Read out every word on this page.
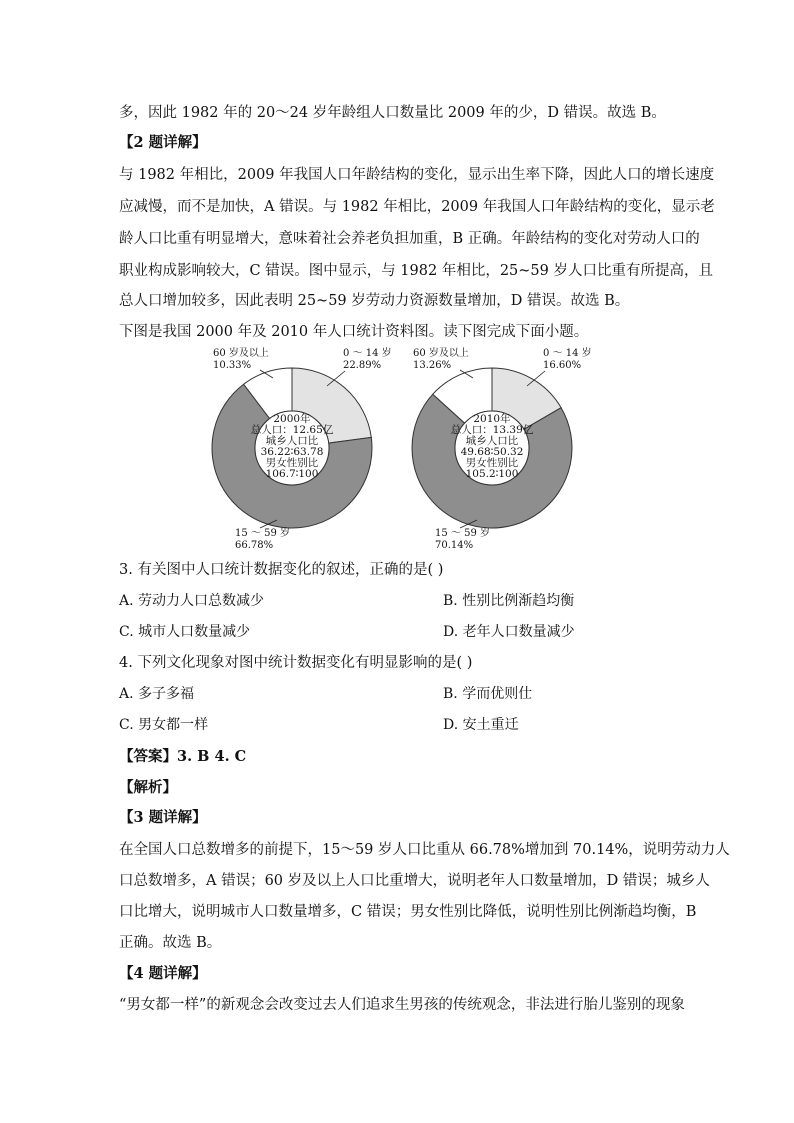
多，因此 1982 年的 20～24 岁年龄组人口数量比 2009 年的少，D 错误。故选 B。
【2 题详解】
与 1982 年相比，2009 年我国人口年龄结构的变化，显示出生率下降，因此人口的增长速度
应减慢，而不是加快，A 错误。与 1982 年相比，2009 年我国人口年龄结构的变化，显示老
龄人口比重有明显增大，意味着社会养老负担加重，B 正确。年龄结构的变化对劳动人口的
职业构成影响较大，C 错误。图中显示，与 1982 年相比，25~59 岁人口比重有所提高，且
总人口增加较多，因此表明 25~59 岁劳动力资源数量增加，D 错误。故选 B。
下图是我国 2000 年及 2010 年人口统计资料图。读下图完成下面小题。
2000年
总人口：12.65亿
城乡人口比
36.22∶63.78
男女性别比
106.7∶100
0 ～ 14 岁
22.89%
60 岁及以上
10.33%
15 ～ 59 岁
66.78%
2010年
总人口：13.39亿
城乡人口比
49.68∶50.32
男女性别比
105.2∶100
0 ～ 14 岁
16.60%
60 岁及以上
13.26%
15 ～ 59 岁
70.14%
3. 有关图中人口统计数据变化的叙述，正确的是( )
A. 劳动力人口总数减少	B. 性别比例渐趋均衡
C. 城市人口数量减少	D. 老年人口数量减少
4. 下列文化现象对图中统计数据变化有明显影响的是( )
A. 多子多福	B. 学而优则仕
C. 男女都一样	D. 安土重迁
【答案】3. B 4. C
【解析】
【3 题详解】
在全国人口总数增多的前提下，15～59 岁人口比重从 66.78%增加到 70.14%，说明劳动力人
口总数增多，A 错误；60 岁及以上人口比重增大，说明老年人口数量增加，D 错误；城乡人
口比增大，说明城市人口数量增多，C 错误；男女性别比降低，说明性别比例渐趋均衡，B
正确。故选 B。
【4 题详解】
“男女都一样”的新观念会改变过去人们追求生男孩的传统观念，非法进行胎儿鉴别的现象
